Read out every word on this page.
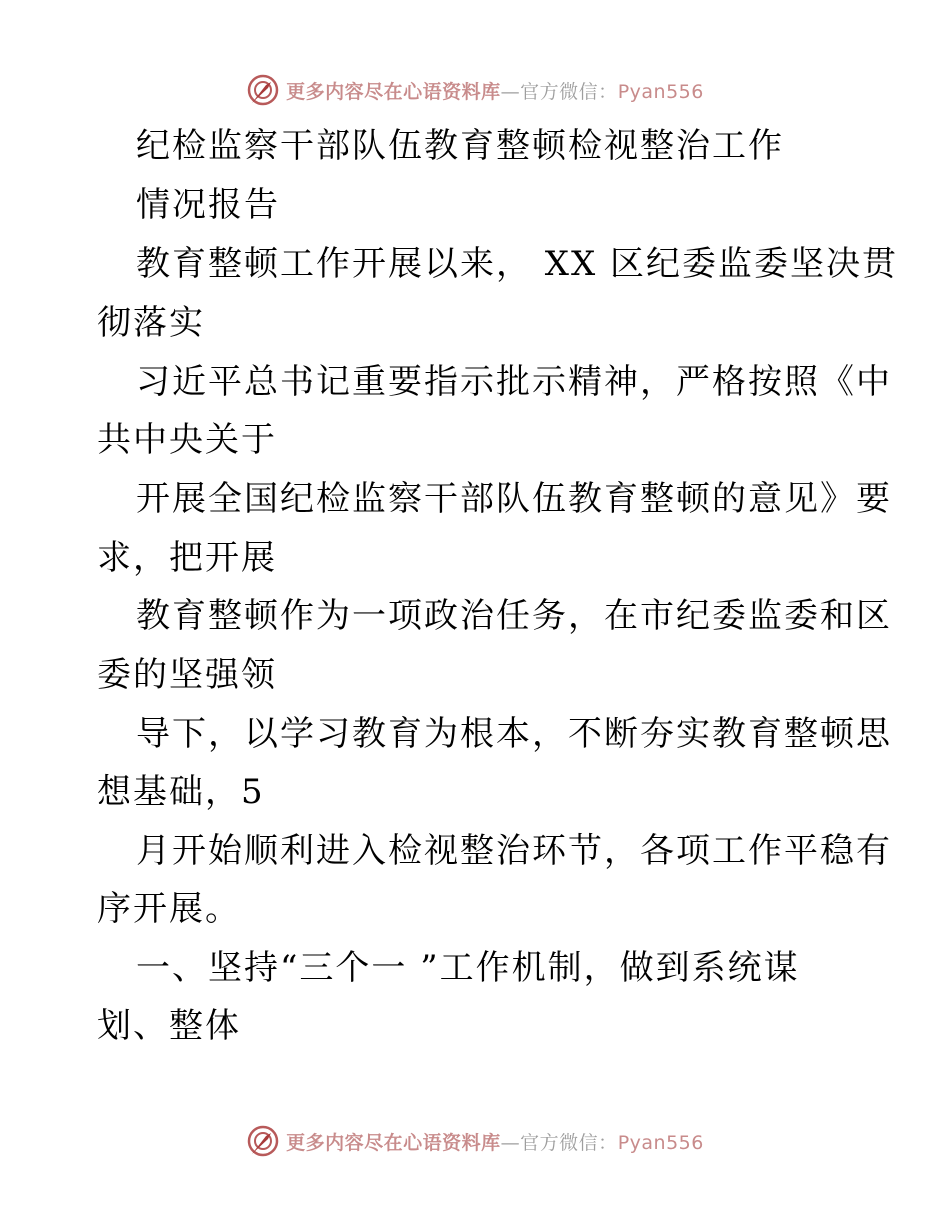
更多内容尽在心语资料库—官方微信：Pyan556
纪检监察干部队伍教育整顿检视整治工作
情况报告
教育整顿工作开展以来， XX 区纪委监委坚决贯
彻落实
习近平总书记重要指示批示精神，严格按照《中
共中央关于
开展全国纪检监察干部队伍教育整顿的意见》要
求，把开展
教育整顿作为一项政治任务，在市纪委监委和区
委的坚强领
导下，以学习教育为根本，不断夯实教育整顿思
想基础，5
月开始顺利进入检视整治环节，各项工作平稳有
序开展。
一、坚持“三个一 ”工作机制，做到系统谋
划、整体
更多内容尽在心语资料库—官方微信：Pyan556
